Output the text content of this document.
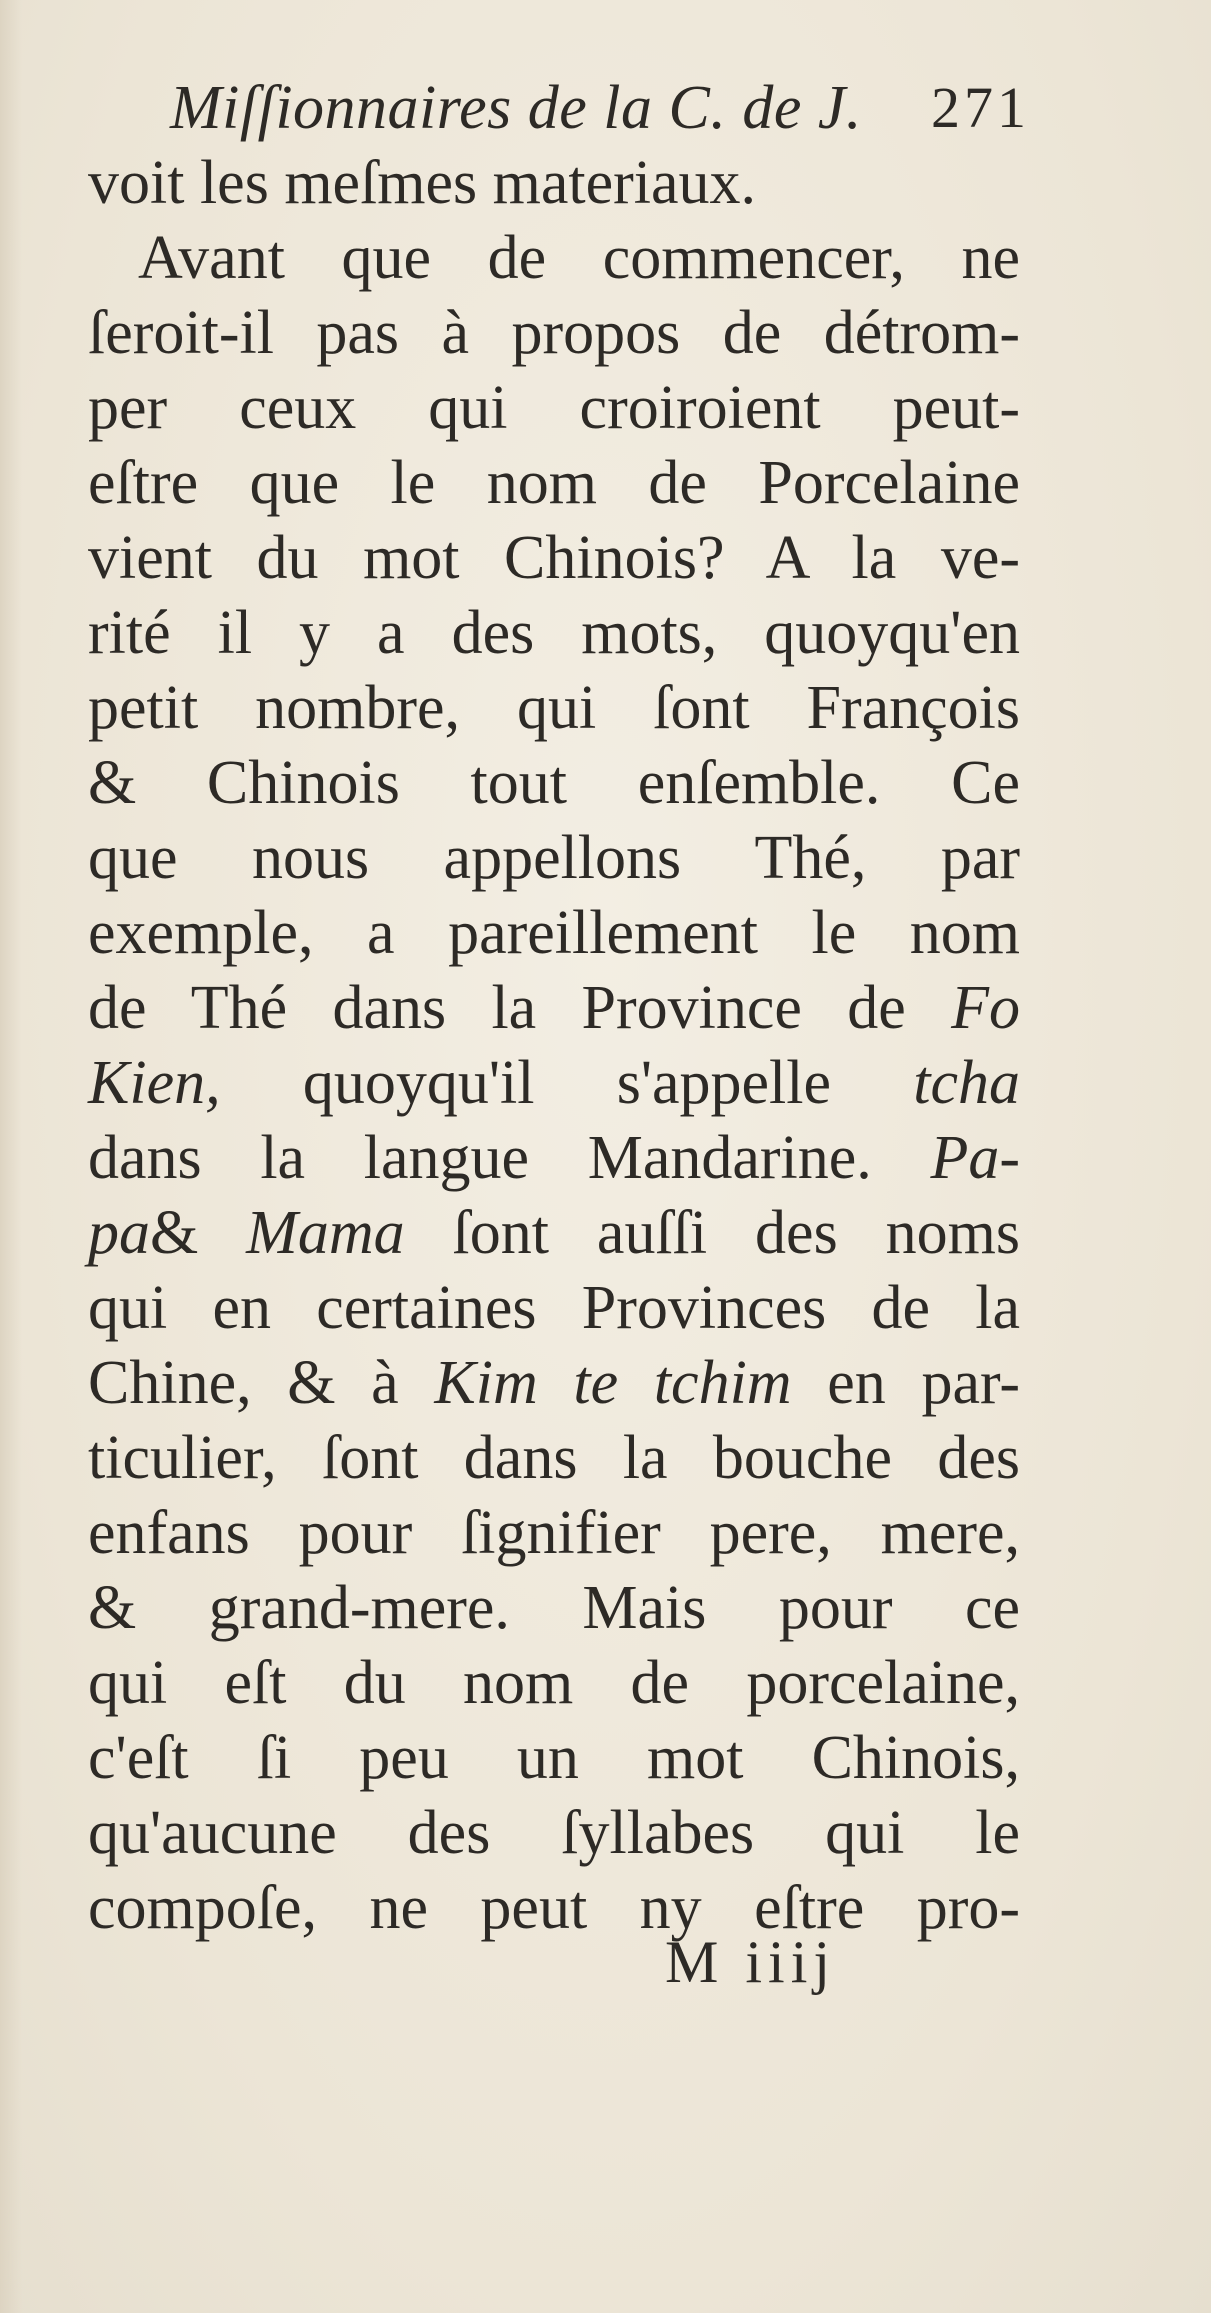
Miſſionnaires de la C. de J. 271
voit les meſmes materiaux.
Avant que de commencer, ne
ſeroit-il pas à propos de détrom-
per ceux qui croiroient peut-
eſtre que le nom de Porcelaine
vient du mot Chinois? A la ve-
rité il y a des mots, quoyqu'en
petit nombre, qui ſont François
& Chinois tout enſemble. Ce
que nous appellons Thé, par
exemple, a pareillement le nom
de Thé dans la Province de Fo
Kien, quoyqu'il s'appelle tcha
dans la langue Mandarine. Pa-
pa& Mama ſont auſſi des noms
qui en certaines Provinces de la
Chine, & à Kim te tchim en par-
ticulier, ſont dans la bouche des
enfans pour ſignifier pere, mere,
& grand-mere. Mais pour ce
qui eſt du nom de porcelaine,
c'eſt ſi peu un mot Chinois,
qu'aucune des ſyllabes qui le
compoſe, ne peut ny eſtre pro-
M iiij
